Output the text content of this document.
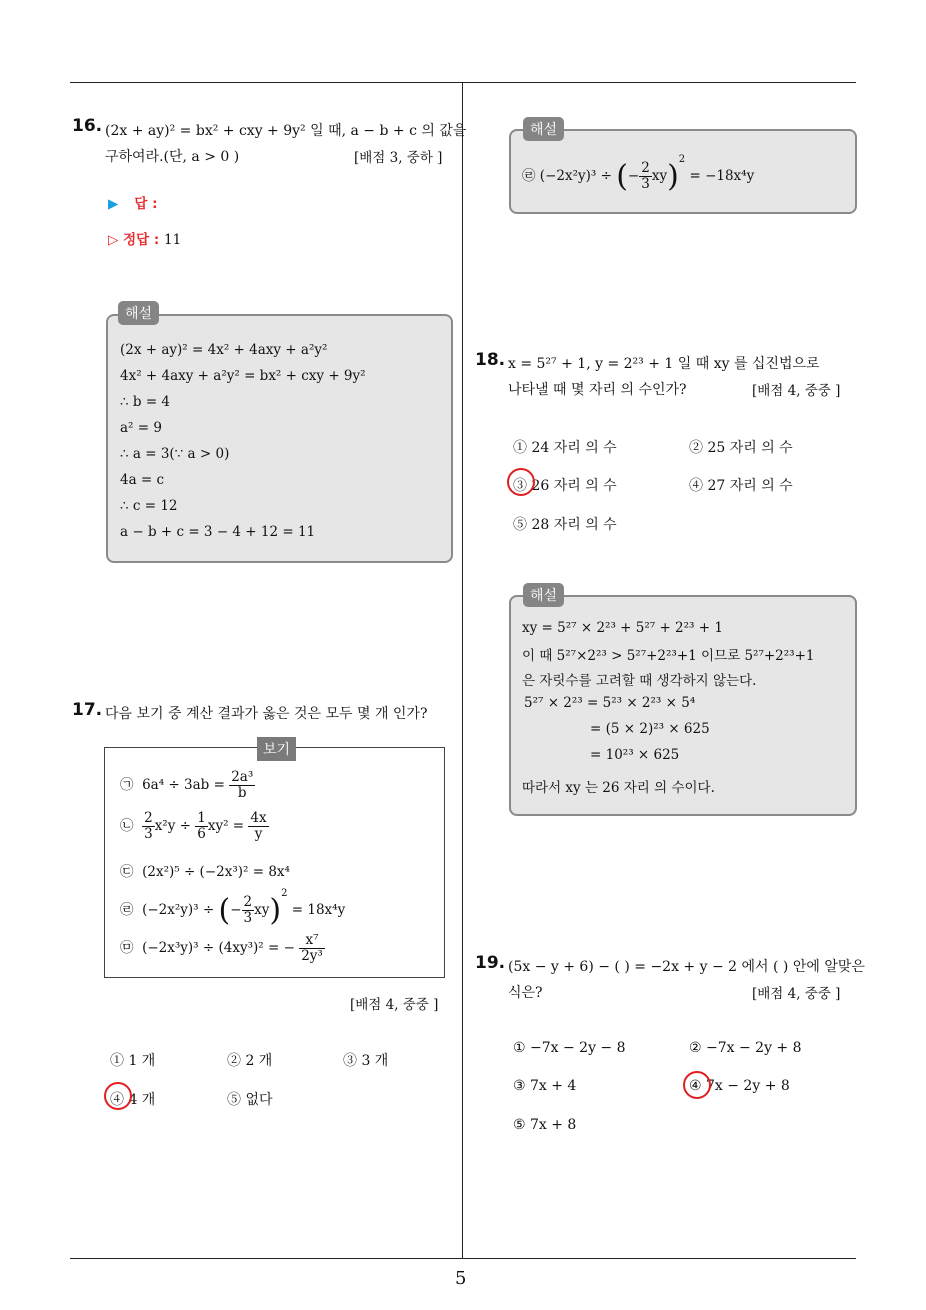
16. (2x + ay)² = bx² + cxy + 9y² 일 때, a − b + c 의 값을
구하여라.(단, a > 0 )	[배점 3, 중하 ]
▶ 답 :
▷ 정답 : 11
해설
(2x + ay)² = 4x² + 4axy + a²y²
4x² + 4axy + a²y² = bx² + cxy + 9y²
∴ b = 4
a² = 9
∴ a = 3(∵ a > 0)
4a = c
∴ c = 12
a − b + c = 3 − 4 + 12 = 11
17. 다음 보기 중 계산 결과가 옳은 것은 모두 몇 개 인가?
보기
㉠ $6a^4 \div 3ab = \frac{\text{2a³}}{b}$
㉡ $\frac{2}{3} x^2y \div \frac{1}{6} xy^2 = \frac{4x}{y}$
㉢ (2x²)⁵ ÷ (−2x³)² = 8x⁴
㉣ (−2x²y)³ ÷ (− $\frac{2}{3} xy)^2 = 18x^4y$
㉤ (−2x³y)³ ÷ (4xy³)² = − $\frac{\text{x⁷}}{\text{2y³}}$
[배점 4, 중중 ]
① 1 개	② 2 개	③ 3 개
④ 4 개	⑤ 없다
해설
㉣ (−2x²y)³ ÷ (− $\frac{2}{3} xy)^2 = -18x^4y$
18. x = 5²⁷ + 1, y = 2²³ + 1 일 때 xy 를 십진법으로
나타낼 때 몇 자리 의 수인가?	[배점 4, 중중 ]
① 24 자리 의 수	② 25 자리 의 수
③ 26 자리 의 수	④ 27 자리 의 수
⑤ 28 자리 의 수
해설
xy = 5²⁷ × 2²³ + 5²⁷ + 2²³ + 1
이 때 5²⁷×2²³ > 5²⁷+2²³+1 이므로 5²⁷+2²³+1
은 자릿수를 고려할 때 생각하지 않는다.
5²⁷ × 2²³ = 5²³ × 2²³ × 5⁴
= (5 × 2)²³ × 625
= 10²³ × 625
따라서 xy 는 26 자리 의 수이다.
19. (5x − y + 6) − ( ) = −2x + y − 2 에서 ( ) 안에 알맞은
식은?	[배점 4, 중중 ]
① −7x − 2y − 8	② −7x − 2y + 8
③ 7x + 4	④ 7x − 2y + 8
⑤ 7x + 8
5
